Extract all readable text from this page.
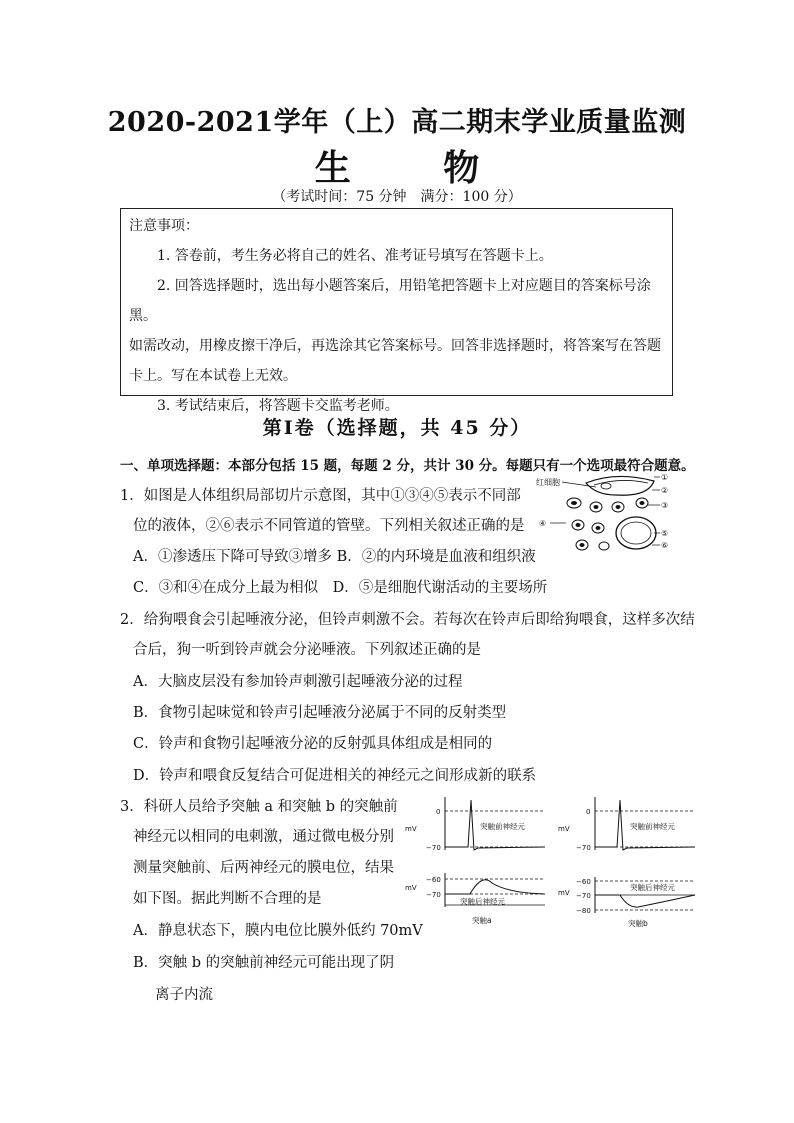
2020-2021学年（上）高二期末学业质量监测
生 物
（考试时间：75 分钟　满分：100 分）

注意事项：

1. 答卷前，考生务必将自己的姓名、准考证号填写在答题卡上。

2. 回答选择题时，选出每小题答案后，用铅笔把答题卡上对应题目的答案标号涂黑。

如需改动，用橡皮擦干净后，再选涂其它答案标号。回答非选择题时，将答案写在答题

卡上。写在本试卷上无效。

3. 考试结束后，将答题卡交监考老师。

第Ⅰ卷（选择题，共 45 分）
一、单项选择题：本部分包括 15 题，每题 2 分，共计 30 分。每题只有一个选项最符合题意。
1．如图是人体组织局部切片示意图，其中①③④⑤表示不同部
位的液体，②⑥表示不同管道的管壁。下列相关叙述正确的是
A．①渗透压下降可导致③增多 B．②的内环境是血液和组织液
C．③和④在成分上最为相似　D．⑤是细胞代谢活动的主要场所
红细胞
①
②
③
④
⑤
⑥
2．给狗喂食会引起唾液分泌，但铃声刺激不会。若每次在铃声后即给狗喂食，这样多次结
合后，狗一听到铃声就会分泌唾液。下列叙述正确的是
A．大脑皮层没有参加铃声刺激引起唾液分泌的过程
B．食物引起味觉和铃声引起唾液分泌属于不同的反射类型
C．铃声和食物引起唾液分泌的反射弧具体组成是相同的
D．铃声和喂食反复结合可促进相关的神经元之间形成新的联系
3．科研人员给予突触 a 和突触 b 的突触前
神经元以相同的电刺激，通过微电极分别
测量突触前、后两神经元的膜电位，结果
如下图。据此判断不合理的是
A．静息状态下，膜内电位比膜外低约 70mV
B．突触 b 的突触前神经元可能出现了阴
离子内流
0
mV
−70
突触前神经元
mV
−60
−70
突触后神经元
突触a
0
mV
−70
突触前神经元
mV
−60
−70
−80
突触后神经元
突触b
